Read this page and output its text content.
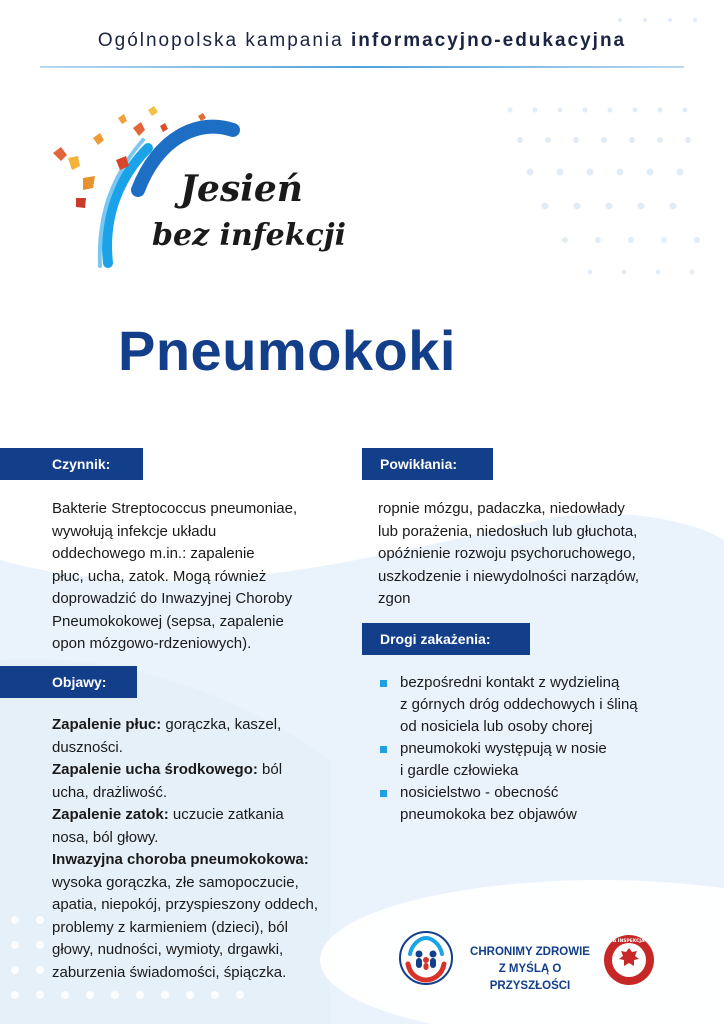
Ogólnopolska kampania informacyjno-edukacyjna
Jesień
bez infekcji
Pneumokoki
Czynnik:
Bakterie Streptococcus pneumoniae,
wywołują infekcje układu
oddechowego m.in.: zapalenie
płuc, ucha, zatok. Mogą również
doprowadzić do Inwazyjnej Choroby
Pneumokokowej (sepsa, zapalenie
opon mózgowo-rdzeniowych).
Objawy:
Zapalenie płuc: gorączka, kaszel,
duszności.
Zapalenie ucha środkowego: ból
ucha, drażliwość.
Zapalenie zatok: uczucie zatkania
nosa, ból głowy.
Inwazyjna choroba pneumokokowa:
wysoka gorączka, złe samopoczucie,
apatia, niepokój, przyspieszony oddech,
problemy z karmieniem (dzieci), ból
głowy, nudności, wymioty, drgawki,
zaburzenia świadomości, śpiączka.
Powikłania:
ropnie mózgu, padaczka, niedowłady
lub porażenia, niedosłuch lub głuchota,
opóźnienie rozwoju psychoruchowego,
uszkodzenie i niewydolności narządów,
zgon
Drogi zakażenia:
bezpośredni kontakt z wydzieliną
z górnych dróg oddechowych i śliną
od nosiciela lub osoby chorej
pneumokoki występują w nosie
i gardle człowieka
nosicielstwo - obecność
pneumokoka bez objawów
CHRONIMY ZDROWIE
Z MYŚLĄ O PRZYSZŁOŚCI
PAŃSTWOWA INSPEKCJA SANITARNA
